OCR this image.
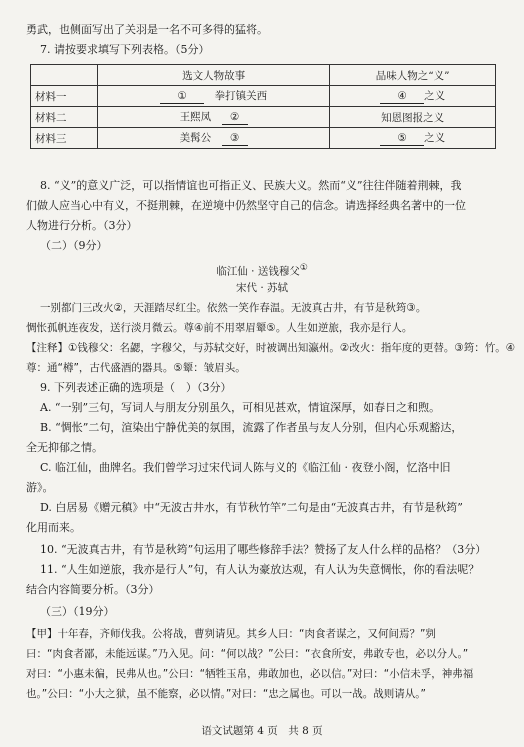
勇武，也侧面写出了关羽是一名不可多得的猛将。
7. 请按要求填写下列表格。（5分）
	选文人物故事	品味人物之“义”
材料一	①　 拳打镇关西	④ 之义
材料二	王熙凤　 ②	知恩图报之义
材料三	美髯公　 ③	⑤ 之义
8. “义”的意义广泛，可以指情谊也可指正义、民族大义。然而“义”往往伴随着荆棘，我
们做人应当心中有义，不挺荆棘，在逆境中仍然坚守自己的信念。请选择经典名著中的一位
人物进行分析。（3分）
（二）（9分）
临江仙 · 送钱穆父①
宋代 · 苏轼
一别都门三改火②，天涯踏尽红尘。依然一笑作春温。无波真古井，有节是秋筠③。
惆怅孤帆连夜发，送行淡月微云。尊④前不用翠眉颦⑤。人生如逆旅，我亦是行人。
【注释】①钱穆父：名勰，字穆父，与苏轼交好，时被调出知瀛州。②改火：指年度的更替。③筠：竹。④
尊：通“樽”，古代盛酒的器具。⑤颦：皱眉头。
9. 下列表述正确的选项是（　）（3分）
A. “一别”三句，写词人与朋友分别虽久，可相见甚欢，情谊深厚，如春日之和煦。
B. “惆怅”二句，渲染出宁静优美的氛围，流露了作者虽与友人分别，但内心乐观豁达，
全无抑郁之情。
C. 临江仙，曲牌名。我们曾学习过宋代词人陈与义的《临江仙 · 夜登小阁，忆洛中旧
游》。
D. 白居易《赠元稹》中“无波古井水，有节秋竹竿”二句是由“无波真古井，有节是秋筠”
化用而来。
10. “无波真古井，有节是秋筠”句运用了哪些修辞手法？赞扬了友人什么样的品格？（3分）
11. “人生如逆旅，我亦是行人”句，有人认为豪放达观，有人认为失意惆怅，你的看法呢？
结合内容简要分析。（3分）
（三）（19分）
【甲】十年春，齐师伐我。公将战，曹刿请见。其乡人曰：“肉食者谋之，又何间焉？”刿
曰：“肉食者鄙，未能远谋。”乃入见。问：“何以战？”公曰：“衣食所安，弗敢专也，必以分人。”
对曰：“小惠未徧，民弗从也。”公曰：“牺牲玉帛，弗敢加也，必以信。”对曰：“小信未孚，神弗福
也。”公曰：“小大之狱，虽不能察，必以情。”对曰：“忠之属也。可以一战。战则请从。”
语文试题第 4 页　共 8 页
